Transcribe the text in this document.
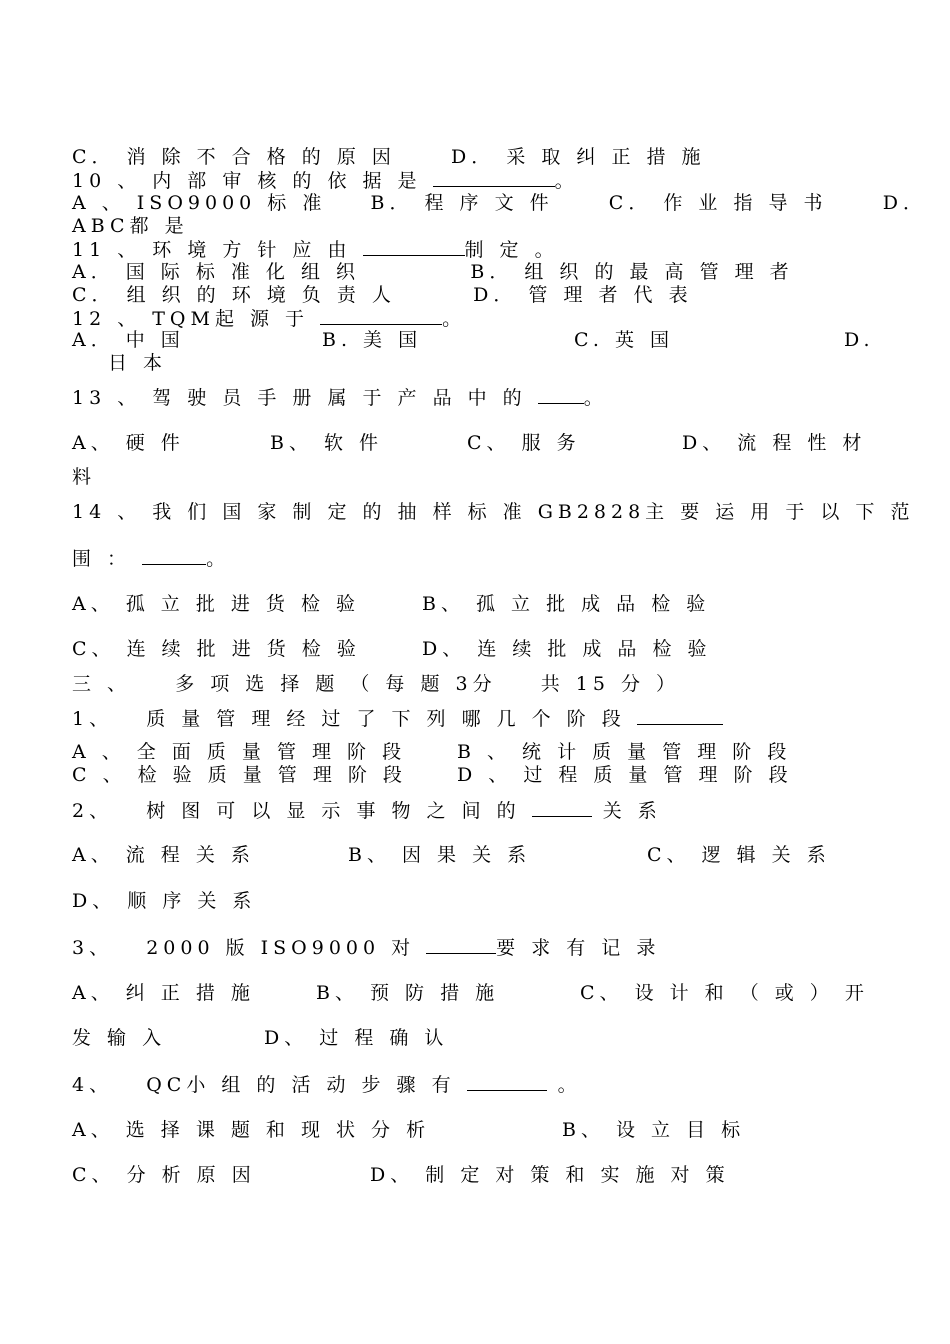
C． 消 除 不 合 格 的 原 因     D． 采 取 纠 正 措 施
10 、 内 部 审 核 的 依 据 是	。
A 、 ISO9000 标 准    B． 程 序 文 件     C． 作 业 指 导 书     D．
ABC都 是
11 、 环 境 方 针 应 由	制 定 。
A． 国 际 标 准 化 组 织          B． 组 织 的 最 高 管 理 者
C． 组 织 的 环 境 负 责 人       D． 管 理 者 代 表
12 、 TQM起 源 于	。
A． 中 国	B. 美 国	C. 英 国	D.
日 本
13 、 驾 驶 员 手 册 属 于 产 品 中 的 。
A、 硬 件	B、 软 件	C、 服 务	D、 流 程 性 材
料
14 、 我 们 国 家 制 定 的 抽 样 标 准 GB2828主 要 运 用 于 以 下 范
围 ：	。
A、 孤 立 批 进 货 检 验	B、 孤 立 批 成 品 检 验
C、 连 续 批 进 货 检 验	D、 连 续 批 成 品 检 验
三 、    多 项 选 择 题 （ 每 题 3分    共 15 分 ）
1、   质 量 管 理 经 过 了 下 列 哪 几 个 阶 段
A 、 全 面 质 量 管 理 阶 段	B 、 统 计 质 量 管 理 阶 段
C 、 检 验 质 量 管 理 阶 段	D 、 过 程 质 量 管 理 阶 段
2、   树 图 可 以 显 示 事 物 之 间 的	关 系
A、 流 程 关 系	B、 因 果 关 系	C、 逻 辑 关 系
D、 顺 序 关 系
3、   2000 版 ISO9000 对	要 求 有 记 录
A、 纠 正 措 施	B、 预 防 措 施	C、 设 计 和 （ 或 ） 开
发 输 入	D、 过 程 确 认
4、   QC小 组 的 活 动 步 骤 有	。
A、 选 择 课 题 和 现 状 分 析	B、 设 立 目 标
C、 分 析 原 因	D、 制 定 对 策 和 实 施 对 策
